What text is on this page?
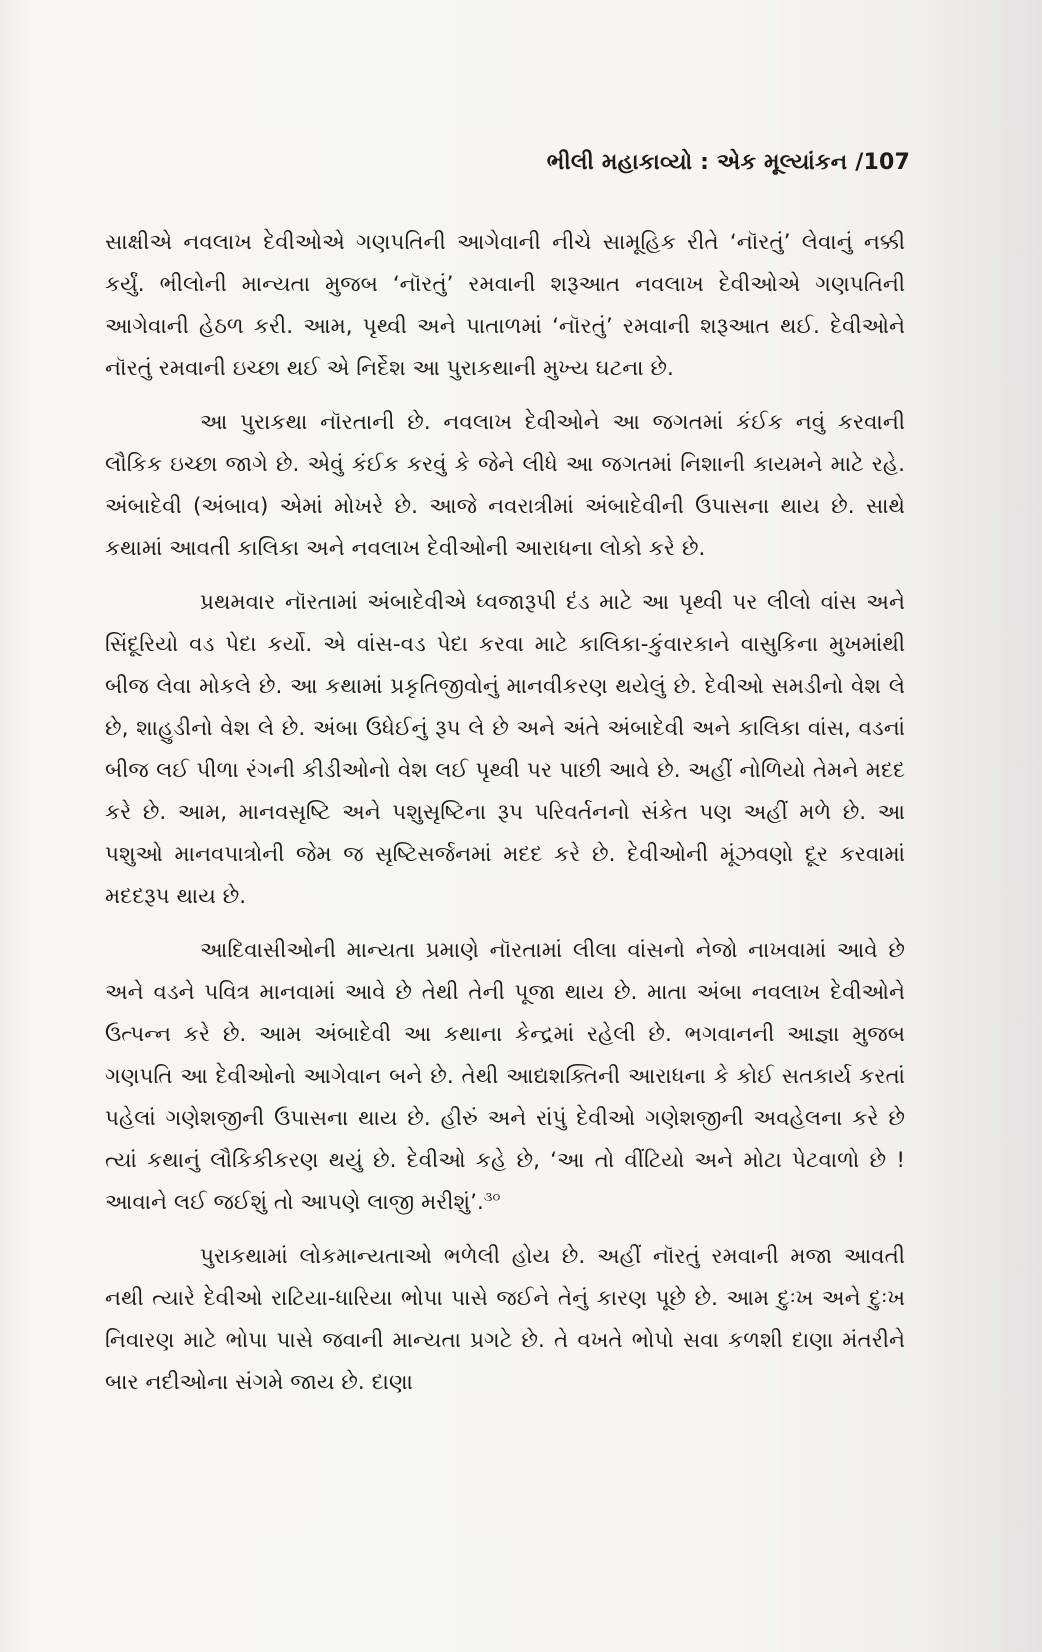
ભીલી મહાકાવ્યો : એક મૂલ્યાંકન /107

સાક્ષીએ નવલાખ દેવીઓએ ગણપતિની આગેવાની નીચે સામૂહિક રીતે ‘નૉરતું’ લેવાનું નક્કી કર્યું. ભીલોની માન્યતા મુજબ ‘નૉરતું’ રમવાની શરૂઆત નવલાખ દેવીઓએ ગણપતિની આગેવાની હેઠળ કરી. આમ, પૃથ્વી અને પાતાળમાં ‘નૉરતું’ રમવાની શરૂઆત થઈ. દેવીઓને નૉરતું રમવાની ઇચ્છા થઈ એ નિર્દેશ આ પુરાકથાની મુખ્ય ઘટના છે.

આ પુરાકથા નૉરતાની છે. નવલાખ દેવીઓને આ જગતમાં કંઈક નવું કરવાની લૌકિક ઇચ્છા જાગે છે. એવું કંઈક કરવું કે જેને લીધે આ જગતમાં નિશાની કાયમને માટે રહે. અંબાદેવી (અંબાવ) એમાં મોખરે છે. આજે નવરાત્રીમાં અંબાદેવીની ઉપાસના થાય છે. સાથે કથામાં આવતી કાલિકા અને નવલાખ દેવીઓની આરાધના લોકો કરે છે.

પ્રથમવાર નૉરતામાં અંબાદેવીએ ધ્વજારૂપી દંડ માટે આ પૃથ્વી પર લીલો વાંસ અને સિંદૂરિયો વડ પેદા કર્યો. એ વાંસ-વડ પેદા કરવા માટે કાલિકા-કુંવારકાને વાસુકિના મુખમાંથી બીજ લેવા મોકલે છે. આ કથામાં પ્રકૃતિજીવોનું માનવીકરણ થયેલું છે. દેવીઓ સમડીનો વેશ લે છે, શાહુડીનો વેશ લે છે. અંબા ઉધેઈનું રૂપ લે છે અને અંતે અંબાદેવી અને કાલિકા વાંસ, વડનાં બીજ લઈ પીળા રંગની કીડીઓનો વેશ લઈ પૃથ્વી પર પાછી આવે છે. અહીં નોળિયો તેમને મદદ કરે છે. આમ, માનવસૃષ્ટિ અને પશુસૃષ્ટિના રૂપ પરિવર્તનનો સંકેત પણ અહીં મળે છે. આ પશુઓ માનવપાત્રોની જેમ જ સૃષ્ટિસર્જનમાં મદદ કરે છે. દેવીઓની મૂંઝવણો દૂર કરવામાં મદદરૂપ થાય છે.

આદિવાસીઓની માન્યતા પ્રમાણે નૉરતામાં લીલા વાંસનો નેજો નાખવામાં આવે છે અને વડને પવિત્ર માનવામાં આવે છે તેથી તેની પૂજા થાય છે. માતા અંબા નવલાખ દેવીઓને ઉત્પન્ન કરે છે. આમ અંબાદેવી આ કથાના કેન્દ્રમાં રહેલી છે. ભગવાનની આજ્ઞા મુજબ ગણપતિ આ દેવીઓનો આગેવાન બને છે. તેથી આદ્યશક્તિની આરાધના કે કોઈ સતકાર્ય કરતાં પહેલાં ગણેશજીની ઉપાસના થાય છે. હીરું અને રાંપું દેવીઓ ગણેશજીની અવહેલના કરે છે ત્યાં કથાનું લૌકિકીકરણ થયું છે. દેવીઓ કહે છે, ‘આ તો વીંટિયો અને મોટા પેટવાળો છે ! આવાને લઈ જઈશું તો આપણે લાજી મરીશું’.$^{૩૦}$

પુરાકથામાં લોકમાન્યતાઓ ભળેલી હોય છે. અહીં નૉરતું રમવાની મજા આવતી નથી ત્યારે દેવીઓ રાટિયા-ધારિયા ભોપા પાસે જઈને તેનું કારણ પૂછે છે. આમ દુઃખ અને દુઃખ નિવારણ માટે ભોપા પાસે જવાની માન્યતા પ્રગટે છે. તે વખતે ભોપો સવા કળશી દાણા મંતરીને બાર નદીઓના સંગમે જાય છે. દાણા
